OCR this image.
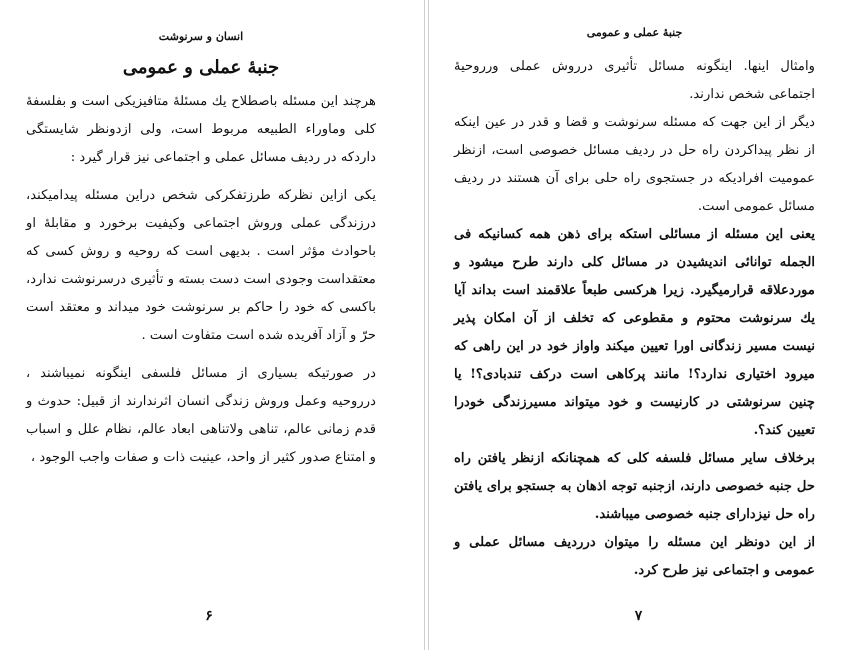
انسان و سرنوشت
جنبهٔ عملی و عمومی

هرچند این مسئله باصطلاح یك مسئلهٔ متافیزیکی است و بفلسفهٔ کلی وماوراء الطبیعه مربوط است، ولی ازدونظر شایستگی داردکه در ردیف مسائل عملی و اجتماعی نیز قرار گیرد :

یکی ازاین نظرکه طرزتفکرکی شخص دراین مسئله پیدامیکند، درزندگی عملی وروش اجتماعی وکیفیت برخورد و مقابلهٔ او باحوادث مؤثر است . بدیهی است که روحیه و روش کسی که معتقداست وجودی است دست بسته و تأثیری درسرنوشت ندارد، باکسی که خود را حاکم بر سرنوشت خود میداند و معتقد است حرّ و آزاد آفریده شده است متفاوت است .

در صورتیکه بسیاری از مسائل فلسفی اینگونه نمیباشند ، درروحیه وعمل وروش زندگی انسان اثرندارند از قبیل: حدوث و قدم زمانی عالم، تناهی ولاتناهی ابعاد عالم، نظام علل و اسباب و امتناع صدور کثیر از واحد، عینیت ذات و صفات واجب الوجود ،

۶
جنبهٔ عملی و عمومی

وامثال اینها. اینگونه مسائل تأثیری درروش عملی ورروحیهٔ اجتماعی شخص ندارند.

دیگر از این جهت که مسئله سرنوشت و قضا و قدر در عین اینکه از نظر پیداکردن راه حل در ردیف مسائل خصوصی است، ازنظر عمومیت افرادیکه در جستجوی راه حلی برای آن هستند در ردیف مسائل عمومی است.

یعنی این مسئله از مسائلی استکه برای ذهن همه کسانیکه فی الجمله توانائی اندیشیدن در مسائل کلی دارند طرح میشود و موردعلاقه قرارمیگیرد. زیرا هرکسی طبعاً علاقمند است بداند آیا یك سرنوشت محتوم و مقطوعی که تخلف از آن امکان پذیر نیست مسیر زندگانی اورا تعیین میکند واواز خود در این راهی که میرود اختیاری ندارد؟! مانند پرکاهی است درکف تندبادی؟! یا چنین سرنوشتی در کارنیست و خود میتواند مسیرزندگی خودرا تعیین کند؟.

برخلاف سایر مسائل فلسفه کلی که همچنانکه ازنظر یافتن راه حل جنبه خصوصی دارند، ازجنبه توجه اذهان به جستجو برای یافتن راه حل نیزدارای جنبه خصوصی میباشند.

از این دونظر این مسئله را میتوان درردیف مسائل عملی و عمومی و اجتماعی نیز طرح کرد.

۷
